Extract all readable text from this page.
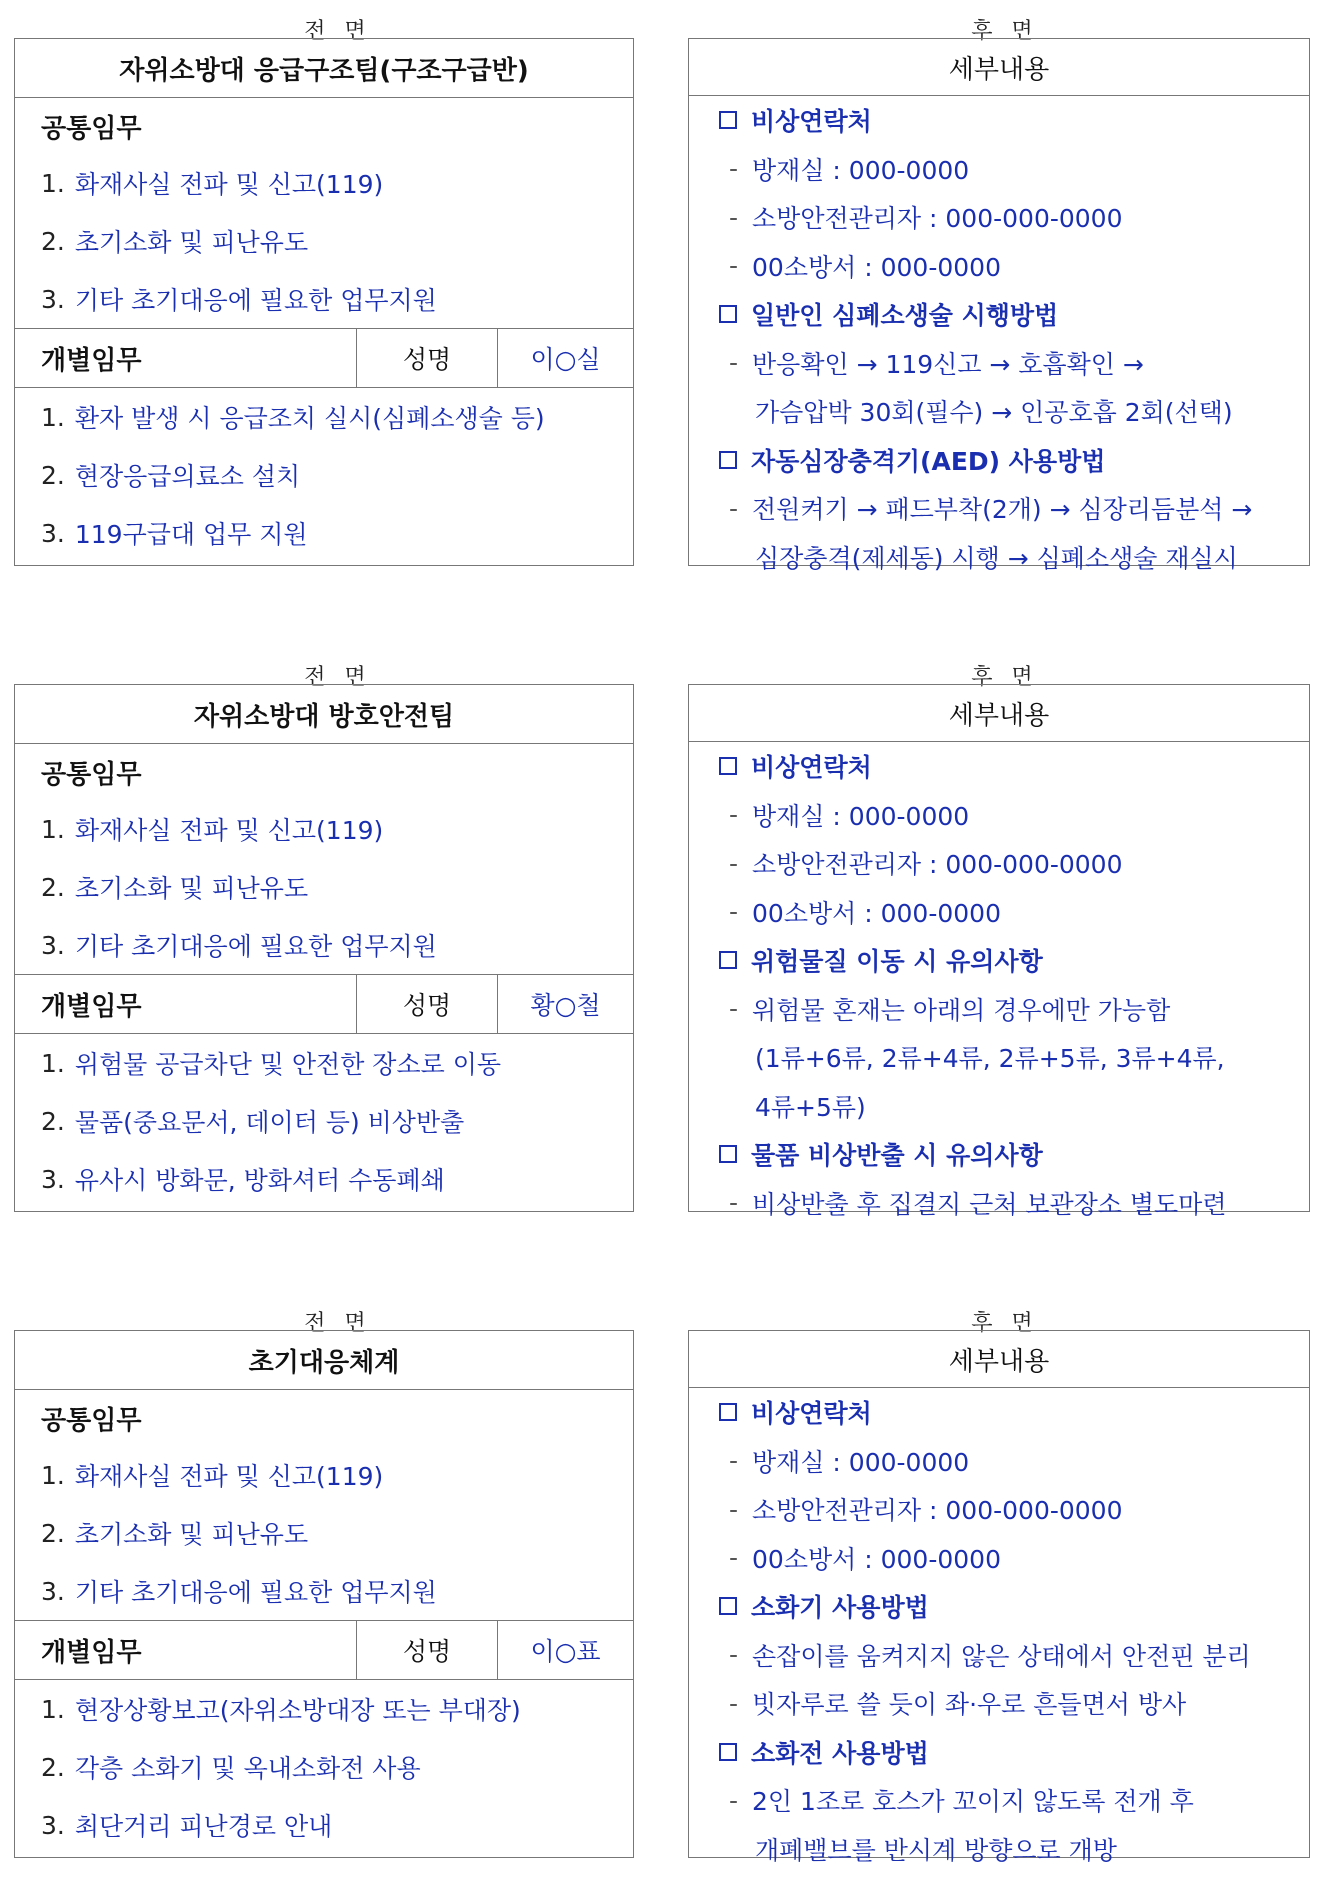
전 면	후 면
자위소방대 응급구조팀(구조구급반)
공통임무
1. 화재사실 전파 및 신고(119)
2. 초기소화 및 피난유도
3. 기타 초기대응에 필요한 업무지원
개별임무	성명	이○실
1. 환자 발생 시 응급조치 실시(심폐소생술 등)
2. 현장응급의료소 설치
3. 119구급대 업무 지원
세부내용
비상연락처
- 방재실 : 000-0000
- 소방안전관리자 : 000-000-0000
- 00소방서 : 000-0000
일반인 심폐소생술 시행방법
- 반응확인 → 119신고 → 호흡확인 →
가슴압박 30회(필수) → 인공호흡 2회(선택)
자동심장충격기(AED) 사용방법
- 전원켜기 → 패드부착(2개) → 심장리듬분석 →
심장충격(제세동) 시행 → 심폐소생술 재실시
전 면	후 면
자위소방대 방호안전팀
공통임무
1. 화재사실 전파 및 신고(119)
2. 초기소화 및 피난유도
3. 기타 초기대응에 필요한 업무지원
개별임무	성명	황○철
1. 위험물 공급차단 및 안전한 장소로 이동
2. 물품(중요문서, 데이터 등) 비상반출
3. 유사시 방화문, 방화셔터 수동폐쇄
세부내용
비상연락처
- 방재실 : 000-0000
- 소방안전관리자 : 000-000-0000
- 00소방서 : 000-0000
위험물질 이동 시 유의사항
- 위험물 혼재는 아래의 경우에만 가능함
(1류+6류, 2류+4류, 2류+5류, 3류+4류,
4류+5류)
물품 비상반출 시 유의사항
- 비상반출 후 집결지 근처 보관장소 별도마련
전 면	후 면
초기대응체계
공통임무
1. 화재사실 전파 및 신고(119)
2. 초기소화 및 피난유도
3. 기타 초기대응에 필요한 업무지원
개별임무	성명	이○표
1. 현장상황보고(자위소방대장 또는 부대장)
2. 각층 소화기 및 옥내소화전 사용
3. 최단거리 피난경로 안내
세부내용
비상연락처
- 방재실 : 000-0000
- 소방안전관리자 : 000-000-0000
- 00소방서 : 000-0000
소화기 사용방법
- 손잡이를 움켜지지 않은 상태에서 안전핀 분리
- 빗자루로 쓸 듯이 좌·우로 흔들면서 방사
소화전 사용방법
- 2인 1조로 호스가 꼬이지 않도록 전개 후
개폐밸브를 반시계 방향으로 개방
